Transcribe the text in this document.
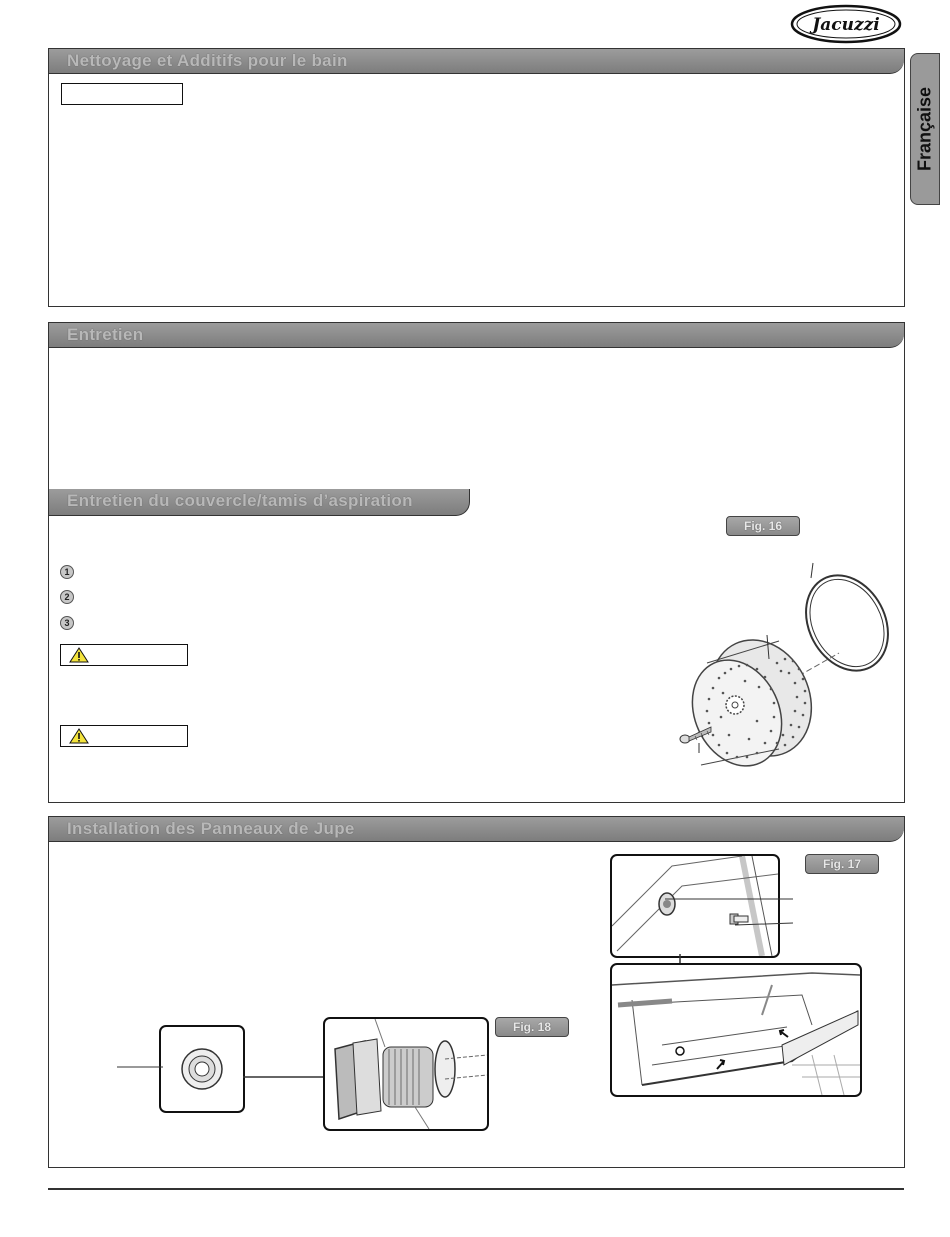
Jacuzzi
Française
Nettoyage et Additifs pour le bain
Entretien
Entretien du couvercle/tamis d’aspiration
1
2
3
Fig. 16
Installation des Panneaux de Jupe
Fig. 17
Fig. 18
